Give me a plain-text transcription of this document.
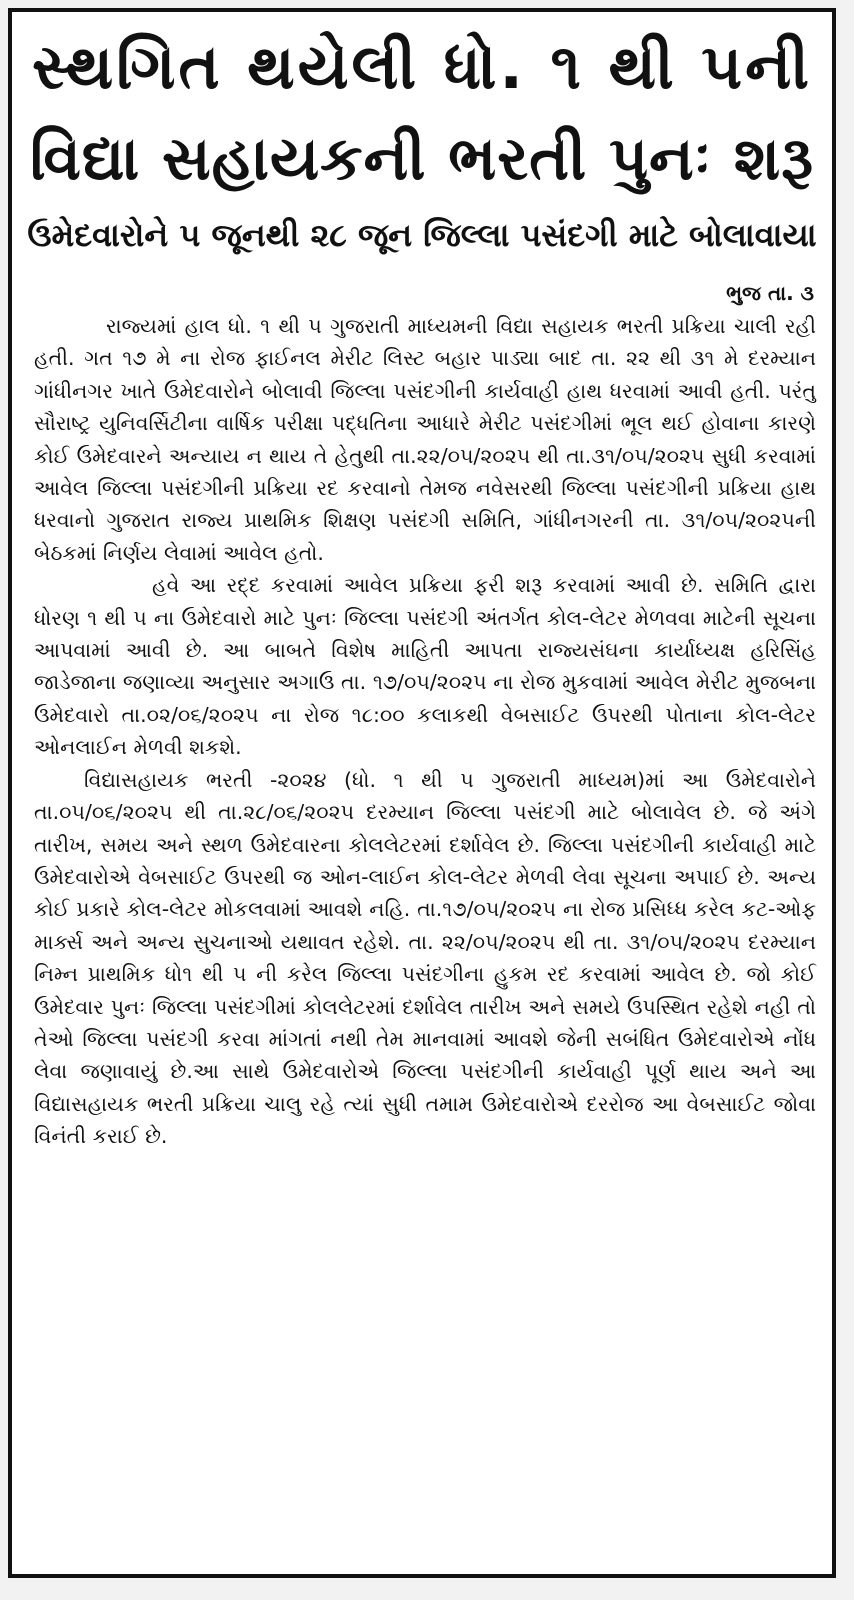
સ્થગિત થયેલી ધો. ૧ થી ૫ની
વિદ્યા સહાયકની ભરતી પુનઃ શરૂ
ઉમેદવારોને ૫ જૂનથી ૨૮ જૂન જિલ્લા પસંદગી માટે બોલાવાયા
ભુજ તા. ૩

રાજ્યમાં હાલ ધો. ૧ થી ૫ ગુજરાતી માધ્યમની વિદ્યા સહાયક ભરતી પ્રક્રિયા ચાલી રહી હતી. ગત ૧૭ મે ના રોજ ફાઈનલ મેરીટ લિસ્ટ બહાર પાડ્યા બાદ તા. ૨૨ થી ૩૧ મે દરમ્યાન ગાંધીનગર ખાતે ઉમેદવારોને બોલાવી જિલ્લા પસંદગીની કાર્યવાહી હાથ ધરવામાં આવી હતી. પરંતુ સૌરાષ્ટ્ર યુનિવર્સિટીના વાર્ષિક પરીક્ષા પદ્ધતિના આધારે મેરીટ પસંદગીમાં ભૂલ થઈ હોવાના કારણે કોઈ ઉમેદવારને અન્યાય ન થાય તે હેતુથી તા.૨૨/૦૫/૨૦૨૫ થી તા.૩૧/૦૫/૨૦૨૫ સુધી કરવામાં આવેલ જિલ્લા પસંદગીની પ્રક્રિયા રદ કરવાનો તેમજ નવેસરથી જિલ્લા પસંદગીની પ્રક્રિયા હાથ ધરવાનો ગુજરાત રાજ્ય પ્રાથમિક શિક્ષણ પસંદગી સમિતિ, ગાંધીનગરની તા. ૩૧/૦૫/૨૦૨૫ની બેઠકમાં નિર્ણય લેવામાં આવેલ હતો.

હવે આ રદ્દ કરવામાં આવેલ પ્રક્રિયા ફરી શરૂ કરવામાં આવી છે. સમિતિ દ્વારા ધોરણ ૧ થી ૫ ના ઉમેદવારો માટે પુનઃ જિલ્લા પસંદગી અંતર્ગત કોલ-લેટર મેળવવા માટેની સૂચના આપવામાં આવી છે. આ બાબતે વિશેષ માહિતી આપતા રાજ્યસંઘના કાર્યાધ્યક્ષ હરિસિંહ જાડેજાના જણાવ્યા અનુસાર અગાઉ તા. ૧૭/૦૫/૨૦૨૫ ના રોજ મુકવામાં આવેલ મેરીટ મુજબના ઉમેદવારો તા.૦૨/૦૬/૨૦૨૫ ના રોજ ૧૮:૦૦ કલાકથી વેબસાઈટ ઉપરથી પોતાના કોલ-લેટર ઓનલાઈન મેળવી શકશે.

વિદ્યાસહાયક ભરતી -૨૦૨૪ (ધો. ૧ થી ૫ ગુજરાતી માધ્યમ)માં આ ઉમેદવારોને તા.૦૫/૦૬/૨૦૨૫ થી તા.૨૮/૦૬/૨૦૨૫ દરમ્યાન જિલ્લા પસંદગી માટે બોલાવેલ છે. જે અંગે તારીખ, સમય અને સ્થળ ઉમેદવારના કોલલેટરમાં દર્શાવેલ છે. જિલ્લા પસંદગીની કાર્યવાહી માટે ઉમેદવારોએ વેબસાઈટ ઉપરથી જ ઓન-લાઈન કોલ-લેટર મેળવી લેવા સૂચના અપાઈ છે. અન્ય કોઈ પ્રકારે કોલ-લેટર મોકલવામાં આવશે નહિ. તા.૧૭/૦૫/૨૦૨૫ ના રોજ પ્રસિધ્ધ કરેલ કટ-ઓફ માર્ક્સ અને અન્ય સુચનાઓ યથાવત રહેશે. તા. ૨૨/૦૫/૨૦૨૫ થી તા. ૩૧/૦૫/૨૦૨૫ દરમ્યાન નિમ્ન પ્રાથમિક ધો૧ થી ૫ ની કરેલ જિલ્લા પસંદગીના હુકમ રદ કરવામાં આવેલ છે. જો કોઈ ઉમેદવાર પુનઃ જિલ્લા પસંદગીમાં કોલલેટરમાં દર્શાવેલ તારીખ અને સમયે ઉપસ્થિત રહેશે નહી તો તેઓ જિલ્લા પસંદગી કરવા માંગતાં નથી તેમ માનવામાં આવશે જેની સબંધિત ઉમેદવારોએ નોંધ લેવા જણાવાયું છે.આ સાથે ઉમેદવારોએ જિલ્લા પસંદગીની કાર્યવાહી પૂર્ણ થાય અને આ વિદ્યાસહાયક ભરતી પ્રક્રિયા ચાલુ રહે ત્યાં સુધી તમામ ઉમેદવારોએ દરરોજ આ વેબસાઈટ જોવા વિનંતી કરાઈ છે.
